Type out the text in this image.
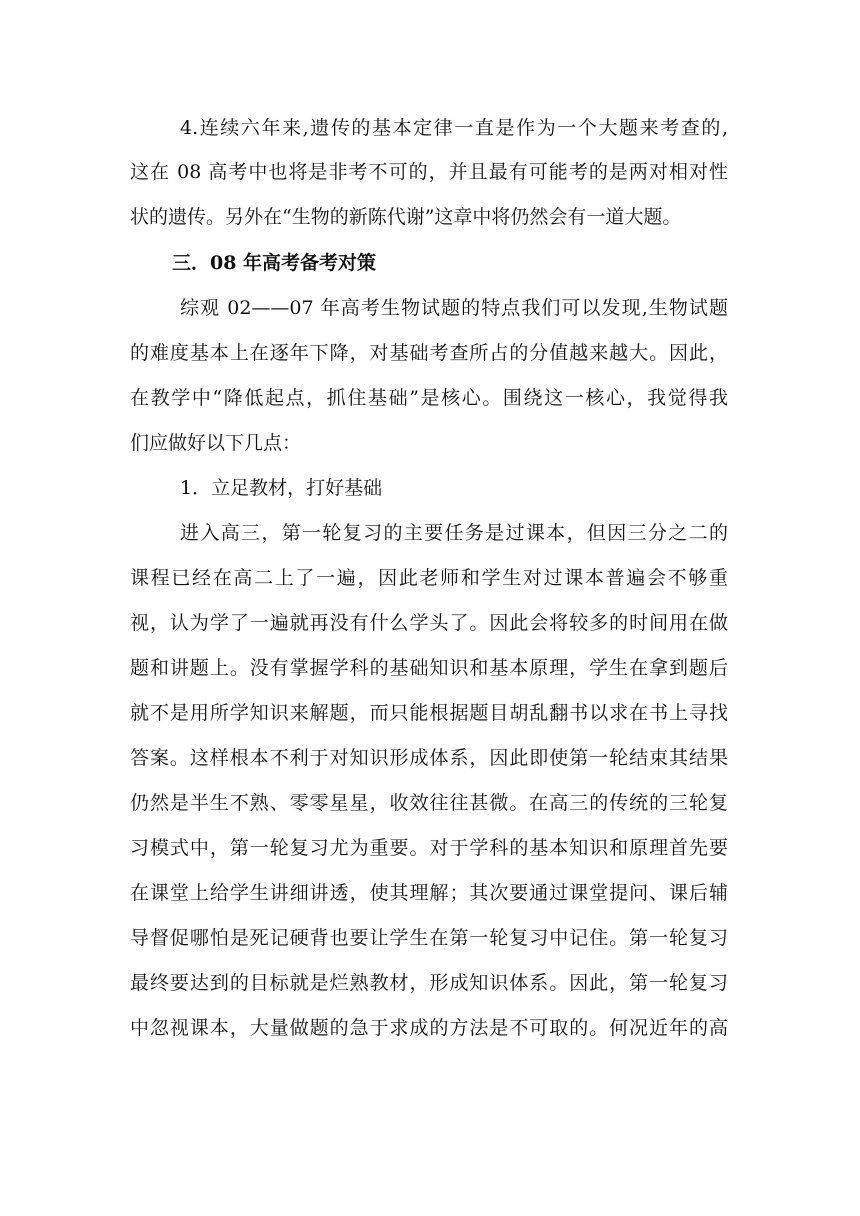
4.连续六年来,遗传的基本定律一直是作为一个大题来考查的,
这在 08 高考中也将是非考不可的，并且最有可能考的是两对相对性
状的遗传。另外在“生物的新陈代谢”这章中将仍然会有一道大题。
三．08 年高考备考对策
综观 02——07 年高考生物试题的特点我们可以发现,生物试题
的难度基本上在逐年下降，对基础考查所占的分值越来越大。因此，
在教学中“降低起点，抓住基础”是核心。围绕这一核心，我觉得我
们应做好以下几点：
1．立足教材，打好基础
进入高三，第一轮复习的主要任务是过课本，但因三分之二的
课程已经在高二上了一遍，因此老师和学生对过课本普遍会不够重
视，认为学了一遍就再没有什么学头了。因此会将较多的时间用在做
题和讲题上。没有掌握学科的基础知识和基本原理，学生在拿到题后
就不是用所学知识来解题，而只能根据题目胡乱翻书以求在书上寻找
答案。这样根本不利于对知识形成体系，因此即使第一轮结束其结果
仍然是半生不熟、零零星星，收效往往甚微。在高三的传统的三轮复
习模式中，第一轮复习尤为重要。对于学科的基本知识和原理首先要
在课堂上给学生讲细讲透，使其理解；其次要通过课堂提问、课后辅
导督促哪怕是死记硬背也要让学生在第一轮复习中记住。第一轮复习
最终要达到的目标就是烂熟教材，形成知识体系。因此，第一轮复习
中忽视课本，大量做题的急于求成的方法是不可取的。何况近年的高
